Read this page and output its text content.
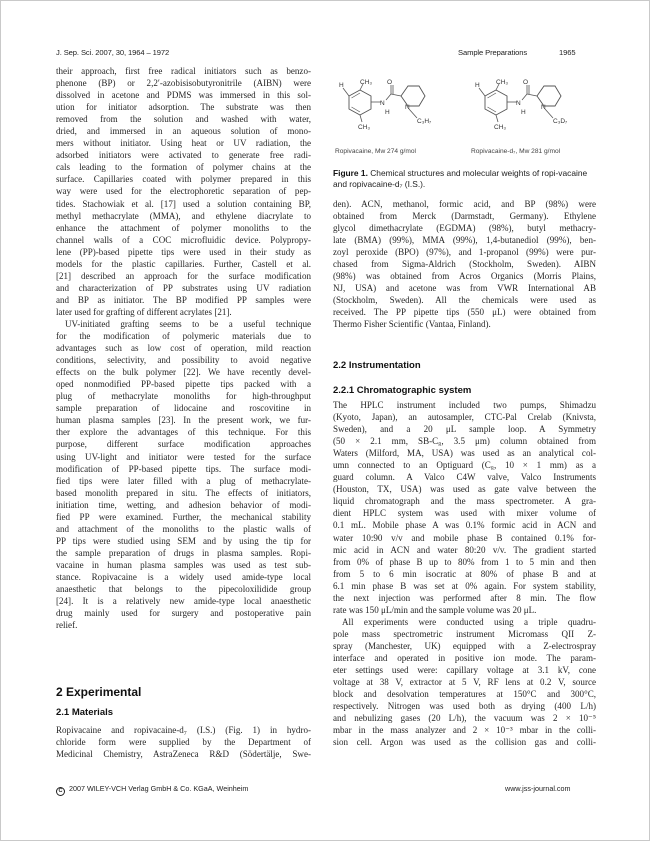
J. Sep. Sci. 2007, 30, 1964 – 1972	Sample Preparations	1965

their approach, first free radical initiators such as benzo-
phenone (BP) or 2,2′-azobisisobutyronitrile (AIBN) were
dissolved in acetone and PDMS was immersed in this sol-
ution for initiator adsorption. The substrate was then
removed from the solution and washed with water,
dried, and immersed in an aqueous solution of mono-
mers without initiator. Using heat or UV radiation, the
adsorbed initiators were activated to generate free radi-
cals leading to the formation of polymer chains at the
surface. Capillaries coated with polymer prepared in this
way were used for the electrophoretic separation of pep-
tides. Stachowiak et al. [17] used a solution containing BP,
methyl methacrylate (MMA), and ethylene diacrylate to
enhance the attachment of polymer monoliths to the
channel walls of a COC microfluidic device. Polypropy-
lene (PP)-based pipette tips were used in their study as
models for the plastic capillaries. Further, Castell et al.
[21] described an approach for the surface modification
and characterization of PP substrates using UV radiation
and BP as initiator. The BP modified PP samples were
later used for grafting of different acrylates [21].

UV-initiated grafting seems to be a useful technique
for the modification of polymeric materials due to
advantages such as low cost of operation, mild reaction
conditions, selectivity, and possibility to avoid negative
effects on the bulk polymer [22]. We have recently devel-
oped nonmodified PP-based pipette tips packed with a
plug of methacrylate monoliths for high-throughput
sample preparation of lidocaine and roscovitine in
human plasma samples [23]. In the present work, we fur-
ther explore the advantages of this technique. For this
purpose, different surface modification approaches
using UV-light and initiator were tested for the surface
modification of PP-based pipette tips. The surface modi-
fied tips were later filled with a plug of methacrylate-
based monolith prepared in situ. The effects of initiators,
initiation time, wetting, and adhesion behavior of modi-
fied PP were examined. Further, the mechanical stability
and attachment of the monoliths to the plastic walls of
PP tips were studied using SEM and by using the tip for
the sample preparation of drugs in plasma samples. Ropi-
vacaine in human plasma samples was used as test sub-
stance. Ropivacaine is a widely used amide-type local
anaesthetic that belongs to the pipecoloxilidide group
[24]. It is a relatively new amide-type local anaesthetic
drug mainly used for surgery and postoperative pain
relief.

2 Experimental
2.1 Materials

Ropivacaine and ropivacaine-d₇ (I.S.) (Fig. 1) in hydro-
chloride form were supplied by the Department of
Medicinal Chemistry, AstraZeneca R&D (Södertälje, Swe-

H	CH₃ O
N
H
N
C₃H₇
CH₃
H	CH₃ O
N
H
N
C₃D₇
CH₃
Ropivacaine, Mw 274 g/mol	Ropivacaine-d₇, Mw 281 g/mol
Figure 1. Chemical structures and molecular weights of ropi-vacaine and ropivacaine-d₇ (I.S.).

den). ACN, methanol, formic acid, and BP (98%) were
obtained from Merck (Darmstadt, Germany). Ethylene
glycol dimethacrylate (EGDMA) (98%), butyl methacry-
late (BMA) (99%), MMA (99%), 1,4-butanediol (99%), ben-
zoyl peroxide (BPO) (97%), and 1-propanol (99%) were pur-
chased from Sigma-Aldrich (Stockholm, Sweden). AIBN
(98%) was obtained from Acros Organics (Morris Plains,
NJ, USA) and acetone was from VWR International AB
(Stockholm, Sweden). All the chemicals were used as
received. The PP pipette tips (550 μL) were obtained from
Thermo Fisher Scientific (Vantaa, Finland).

2.2 Instrumentation
2.2.1 Chromatographic system

The HPLC instrument included two pumps, Shimadzu
(Kyoto, Japan), an autosampler, CTC-Pal Crelab (Knivsta,
Sweden), and a 20 μL sample loop. A Symmetry
(50 × 2.1 mm, SB-C₈, 3.5 μm) column obtained from
Waters (Milford, MA, USA) was used as an analytical col-
umn connected to an Optiguard (C₈, 10 × 1 mm) as a
guard column. A Valco C4W valve, Valco Instruments
(Houston, TX, USA) was used as gate valve between the
liquid chromatograph and the mass spectrometer. A gra-
dient HPLC system was used with mixer volume of
0.1 mL. Mobile phase A was 0.1% formic acid in ACN and
water 10:90 v/v and mobile phase B contained 0.1% for-
mic acid in ACN and water 80:20 v/v. The gradient started
from 0% of phase B up to 80% from 1 to 5 min and then
from 5 to 6 min isocratic at 80% of phase B and at
6.1 min phase B was set at 0% again. For system stability,
the next injection was performed after 8 min. The flow
rate was 150 μL/min and the sample volume was 20 μL.

All experiments were conducted using a triple quadru-
pole mass spectrometric instrument Micromass QII Z-
spray (Manchester, UK) equipped with a Z-electrospray
interface and operated in positive ion mode. The param-
eter settings used were: capillary voltage at 3.1 kV, cone
voltage at 38 V, extractor at 5 V, RF lens at 0.2 V, source
block and desolvation temperatures at 150°C and 300°C,
respectively. Nitrogen was used both as drying (400 L/h)
and nebulizing gases (20 L/h), the vacuum was 2 × 10⁻⁵
mbar in the mass analyzer and 2 × 10⁻³ mbar in the colli-
sion cell. Argon was used as the collision gas and colli-

C 2007 WILEY-VCH Verlag GmbH & Co. KGaA, Weinheim	www.jss-journal.com
